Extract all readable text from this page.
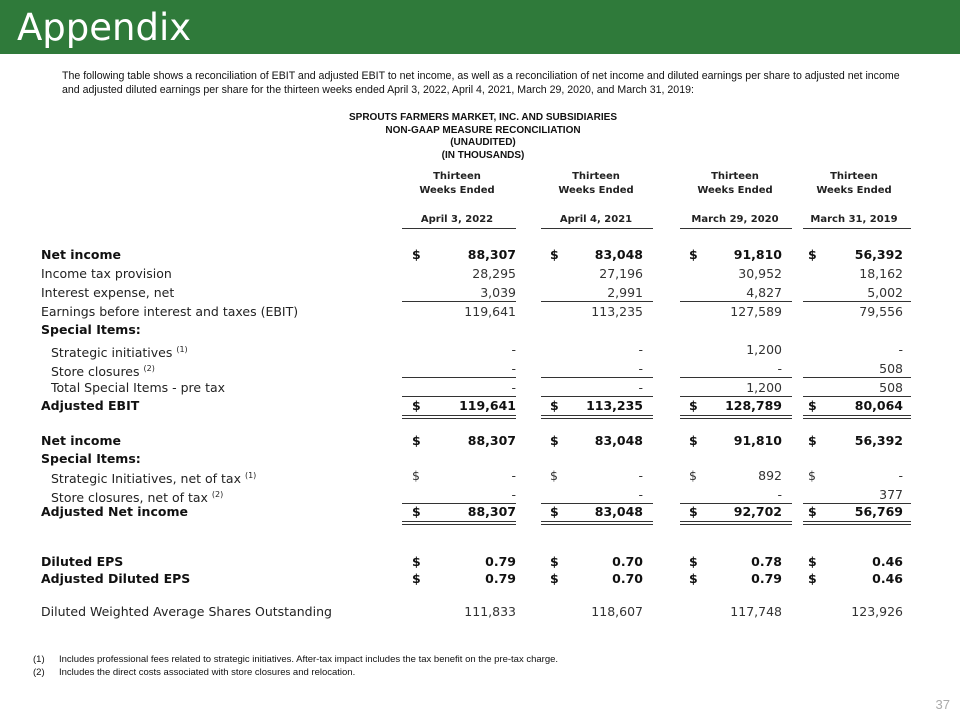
Appendix
The following table shows a reconciliation of EBIT and adjusted EBIT to net income, as well as a reconciliation of net income and diluted earnings per share to adjusted net income and adjusted diluted earnings per share for the thirteen weeks ended April 3, 2022, April 4, 2021, March 29, 2020, and March 31, 2019:
SPROUTS FARMERS MARKET, INC. AND SUBSIDIARIES
NON-GAAP MEASURE RECONCILIATION
(UNAUDITED)
(IN THOUSANDS)
Thirteen
Weeks Ended
Thirteen
Weeks Ended
Thirteen
Weeks Ended
Thirteen
Weeks Ended
April 3, 2022	April 4, 2021	March 29, 2020	March 31, 2019
Net income	$	88,307	$	83,048	$	91,810 $	56,392
Income tax provision	28,295	27,196	30,952	18,162
Interest expense, net	3,039	2,991	4,827	5,002
Earnings before interest and taxes (EBIT)	119,641	113,235	127,589	79,556
Special Items:
Strategic initiatives $^{(1)}$	-	-	1,200	-
Store closures $^{(2)}$	-	-	-	508
Total Special Items - pre tax	-	-	1,200	508
Adjusted EBIT	$	119,641	$	113,235	$	128,789 $	80,064
Net income	$	88,307	$	83,048	$	91,810 $	56,392
Special Items:
Strategic Initiatives, net of tax $^{(1)}$	$	-	$	-	$	892 $	-
Store closures, net of tax $^{(2)}$	-	-	-	377
Adjusted Net income	$	88,307	$	83,048	$	92,702 $	56,769
Diluted EPS	$	0.79	$	0.70	$	0.78 $	0.46
Adjusted Diluted EPS	$	0.79	$	0.70	$	0.79 $	0.46
Diluted Weighted Average Shares Outstanding	111,833	118,607	117,748	123,926
(1) Includes professional fees related to strategic initiatives. After-tax impact includes the tax benefit on the pre-tax charge.
(2) Includes the direct costs associated with store closures and relocation.
37
